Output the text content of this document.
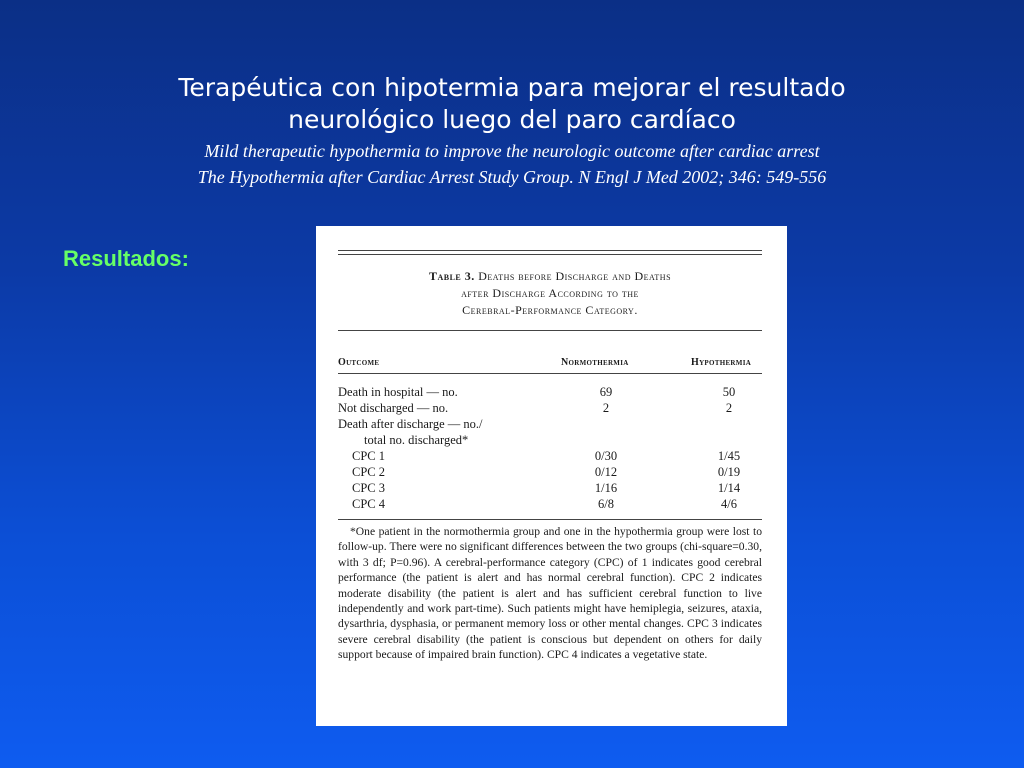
Terapéutica con hipotermia para mejorar el resultado
neurológico luego del paro cardíaco
Mild therapeutic hypothermia to improve the neurologic outcome after cardiac arrest
The Hypothermia after Cardiac Arrest Study Group. N Engl J Med 2002; 346: 549-556
Resultados:
Table 3. Deaths before Discharge and Deaths
after Discharge According to the
Cerebral-Performance Category.
Outcome	Normothermia	Hypothermia
Death in hospital — no.	69	50
Not discharged — no.	2	2
Death after discharge — no./
total no. discharged*
CPC 1	0/30	1/45
CPC 2	0/12	0/19
CPC 3	1/16	1/14
CPC 4	6/8	4/6
*One patient in the normothermia group and one in the hypothermia group were lost to follow-up. There were no significant differences between the two groups (chi-square=0.30, with 3 df; P=0.96). A cerebral-performance category (CPC) of 1 indicates good cerebral performance (the patient is alert and has normal cerebral function). CPC 2 indicates moderate disability (the patient is alert and has sufficient cerebral function to live independently and work part-time). Such patients might have hemiplegia, seizures, ataxia, dysarthria, dysphasia, or permanent memory loss or other mental changes. CPC 3 indicates severe cerebral disability (the patient is conscious but dependent on others for daily support because of impaired brain function). CPC 4 indicates a vegetative state.
